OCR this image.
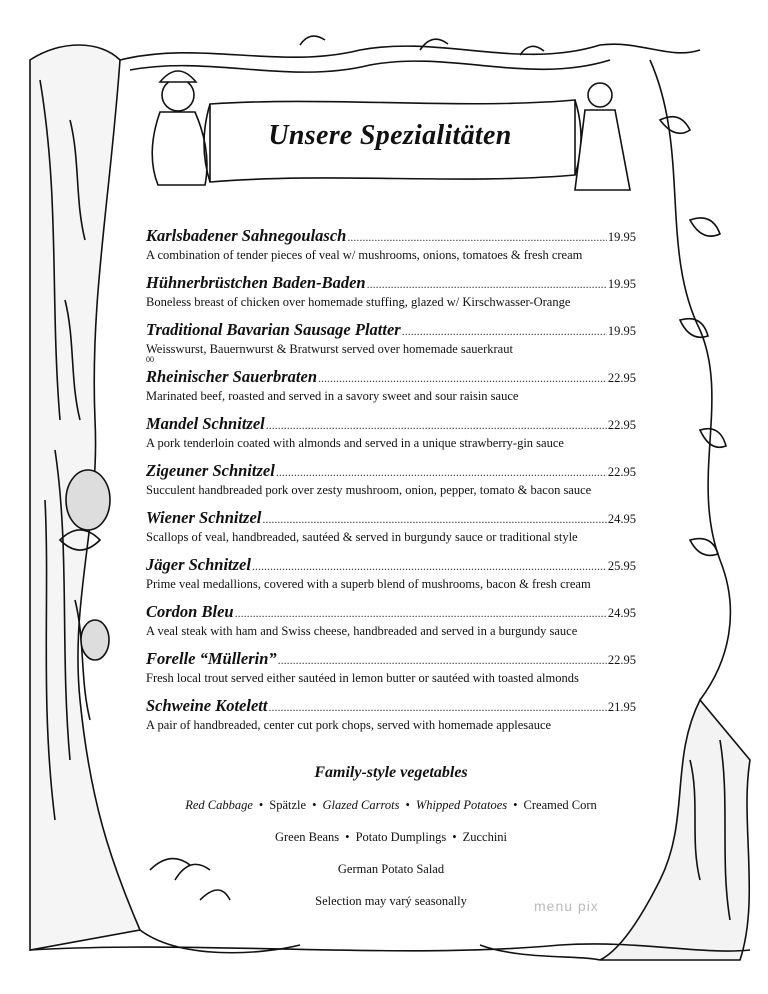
Unsere Spezialitäten
Karlsbadener Sahnegoulasch .....	19.95
A combination of tender pieces of veal w/ mushrooms, onions, tomatoes & fresh cream
Hühnerbrüstchen Baden-Baden .....	19.95
Boneless breast of chicken over homemade stuffing, glazed w/ Kirschwasser-Orange
Traditional Bavarian Sausage Platter .....	19.95
Weisswurst, Bauernwurst & Bratwurst served over homemade sauerkraut
00
Rheinischer Sauerbraten .....	22.95
Marinated beef, roasted and served in a savory sweet and sour raisin sauce
Mandel Schnitzel .....	22.95
A pork tenderloin coated with almonds and served in a unique strawberry-gin sauce
Zigeuner Schnitzel .....	22.95
Succulent handbreaded pork over zesty mushroom, onion, pepper, tomato & bacon sauce
Wiener Schnitzel .....	24.95
Scallops of veal, handbreaded, sautéed & served in burgundy sauce or traditional style
Jäger Schnitzel .....	25.95
Prime veal medallions, covered with a superb blend of mushrooms, bacon & fresh cream
Cordon Bleu .....	24.95
A veal steak with ham and Swiss cheese, handbreaded and served in a burgundy sauce
Forelle “Müllerin” .....	22.95
Fresh local trout served either sautéed in lemon butter or sautéed with toasted almonds
Schweine Kotelett .....	21.95
A pair of handbreaded, center cut pork chops, served with homemade applesauce
Family-style vegetables
Red Cabbage • Spätzle • Glazed Carrots • Whipped Potatoes • Creamed Corn
Green Beans • Potato Dumplings • Zucchini
German Potato Salad
Selection may varý seasonally	menu pix
